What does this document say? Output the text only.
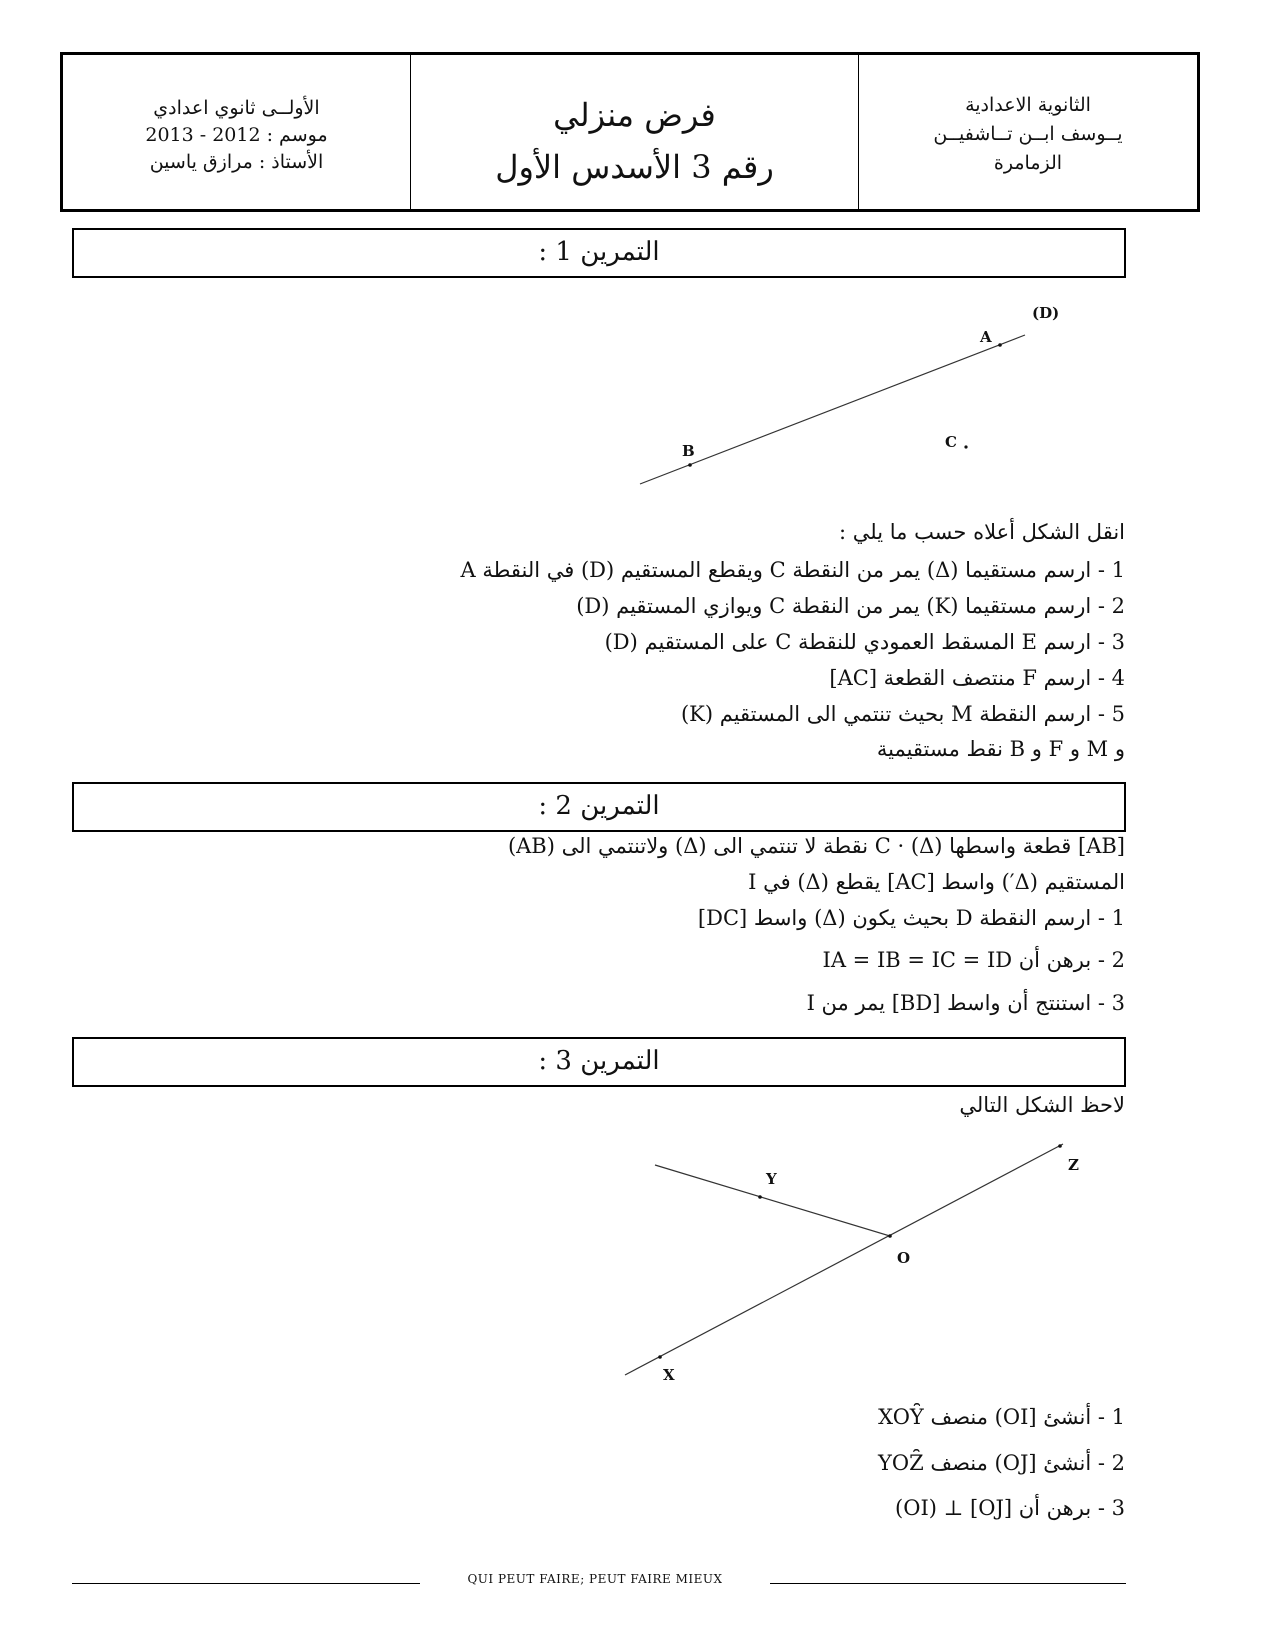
الأولــى ثانوي اعدادي
موسم : 2012 - 2013
الأستاذ : مرازق ياسين
فرض منزلي
رقم 3 الأسدس الأول
الثانوية الاعدادية
يــوسف ابــن تــاشفيــن
الزمامرة
التمرين 1 :
(D)
A
B	C
Y
Z
O
X
انقل الشكل أعلاه حسب ما يلي :
1 - ارسم مستقيما (Δ) يمر من النقطة C ويقطع المستقيم (D) في النقطة A
2 - ارسم مستقيما (K) يمر من النقطة C ويوازي المستقيم (D)
3 - ارسم E المسقط العمودي للنقطة C على المستقيم (D)
4 - ارسم F منتصف القطعة [AC]
5 - ارسم النقطة M بحيث تنتمي الى المستقيم (K)
و M و F و B نقط مستقيمية
التمرين 2 :
[AB] قطعة واسطها (Δ) · C نقطة لا تنتمي الى (Δ) ولاتنتمي الى (AB)
المستقيم (Δ′) واسط [AC] يقطع (Δ) في I
1 - ارسم النقطة D بحيث يكون (Δ) واسط [DC]
2 - برهن أن IA = IB = IC = ID
3 - استنتج أن واسط [BD] يمر من I
التمرين 3 :
لاحظ الشكل التالي
1 - أنشئ [OI) منصف XOY̑
2 - أنشئ [OJ) منصف YOZ̑
3 - برهن أن [OI) ⊥ [OJ)
QUI PEUT FAIRE; PEUT FAIRE MIEUX
